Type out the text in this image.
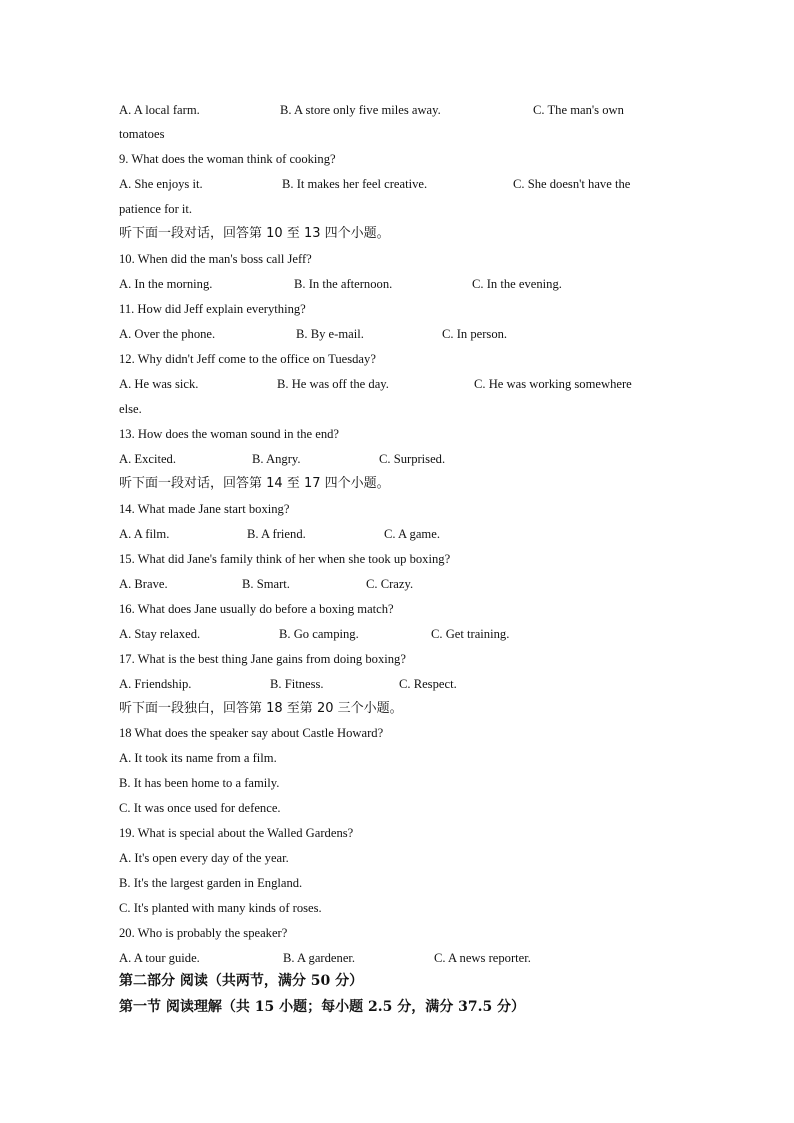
A. A local farm.	B. A store only five miles away.	C. The man's own
tomatoes
9. What does the woman think of cooking?
A. She enjoys it.	B. It makes her feel creative.	C. She doesn't have the
patience for it.
听下面一段对话，回答第 10 至 13 四个小题。
10. When did the man's boss call Jeff?
A. In the morning.	B. In the afternoon.	C. In the evening.
11. How did Jeff explain everything?
A. Over the phone.	B. By e-mail.	C. In person.
12. Why didn't Jeff come to the office on Tuesday?
A. He was sick.	B. He was off the day.	C. He was working somewhere
else.
13. How does the woman sound in the end?
A. Excited.	B. Angry.	C. Surprised.
听下面一段对话，回答第 14 至 17 四个小题。
14. What made Jane start boxing?
A. A film.	B. A friend.	C. A game.
15. What did Jane's family think of her when she took up boxing?
A. Brave.	B. Smart.	C. Crazy.
16. What does Jane usually do before a boxing match?
A. Stay relaxed.	B. Go camping.	C. Get training.
17. What is the best thing Jane gains from doing boxing?
A. Friendship.	B. Fitness.	C. Respect.
听下面一段独白，回答第 18 至第 20 三个小题。
18 What does the speaker say about Castle Howard?
A. It took its name from a film.
B. It has been home to a family.
C. It was once used for defence.
19. What is special about the Walled Gardens?
A. It's open every day of the year.
B. It's the largest garden in England.
C. It's planted with many kinds of roses.
20. Who is probably the speaker?
A. A tour guide.	B. A gardener.	C. A news reporter.
第二部分 阅读（共两节，满分 50 分）
第一节 阅读理解（共 15 小题；每小题 2.5 分，满分 37.5 分）
